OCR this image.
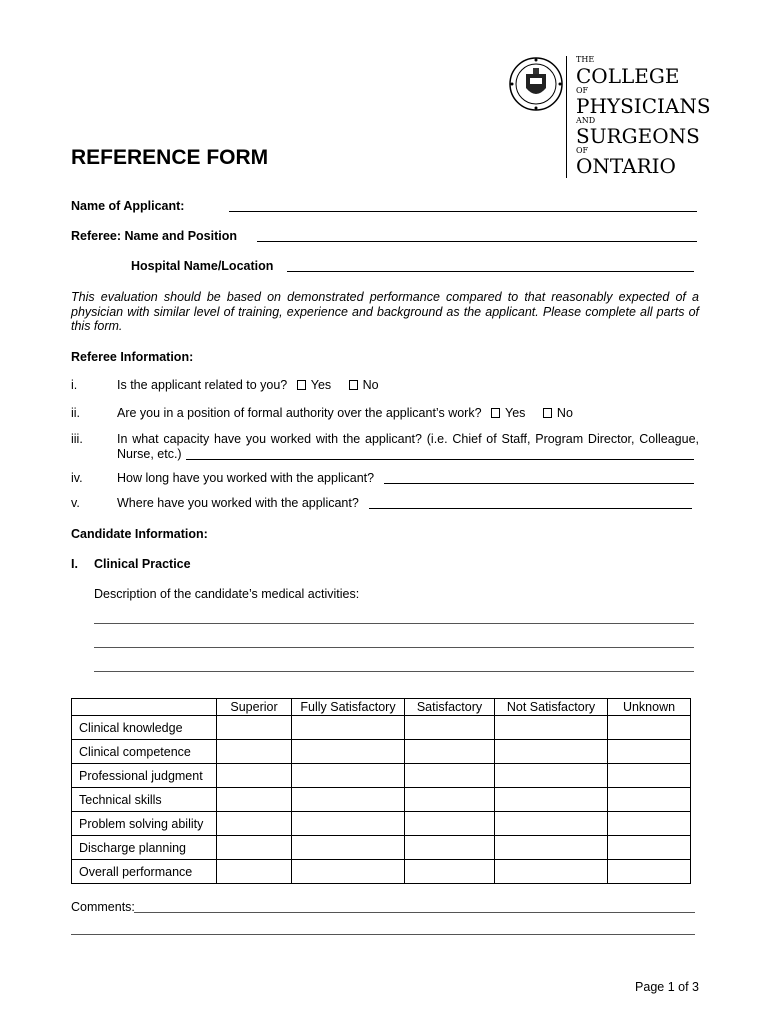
THE
COLLEGE
OF
PHYSICIANS
AND
SURGEONS
OF
ONTARIO
REFERENCE FORM
Name of Applicant:
Referee: Name and Position
Hospital Name/Location
This evaluation should be based on demonstrated performance compared to that reasonably expected of a physician with similar level of training, experience and background as the applicant. Please complete all parts of this form.
Referee Information:
i.	Is the applicant related to you? Yes	No
ii.	Are you in a position of formal authority over the applicant’s work? Yes	No
iii.	In what capacity have you worked with the applicant? (i.e. Chief of Staff, Program Director, Colleague, Nurse, etc.)
iv.	How long have you worked with the applicant?
v.	Where have you worked with the applicant?
Candidate Information:
I. Clinical Practice
Description of the candidate’s medical activities:
	Superior	Fully Satisfactory	Satisfactory	Not Satisfactory	Unknown
Clinical knowledge					
Clinical competence					
Professional judgment					
Technical skills					
Problem solving ability					
Discharge planning					
Overall performance					
Comments:
Page 1 of 3
